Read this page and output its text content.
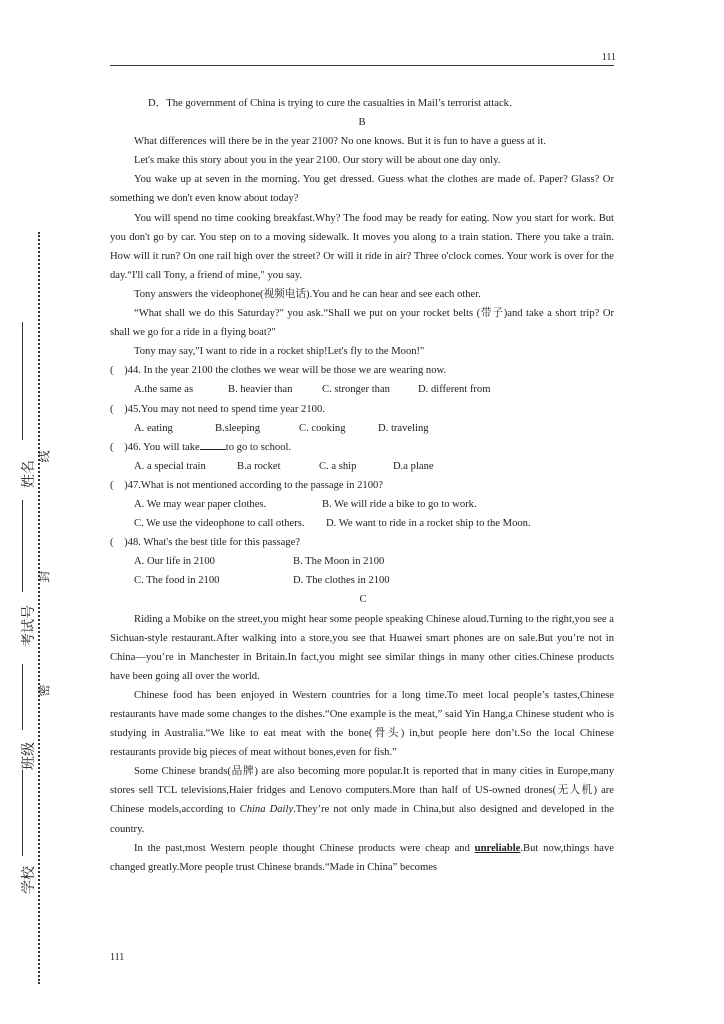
111
111
姓名
线
考试号
封
密
班级
学校

D．The government of China is trying to cure the casualties in Mail’s terrorist attack．

B

What differences will there be in the year 2100? No one knows. But it is fun to have a guess at it.

Let's make this story about you in the year 2100. Our story will be about one day only.

You wake up at seven in the morning. You get dressed. Guess what the clothes are made of. Paper? Glass? Or something we don't even know about today?

You will spend no time cooking breakfast.Why? The food may be ready for eating. Now you start for work. But you don't go by car. You step on to a moving sidewalk. It moves you along to a train station. There you take a train. How will it run? On one rail high over the street? Or will it ride in air? Three o'clock comes. Your work is over for the day.“I'll call Tony, a friend of mine," you say.

Tony answers the videophone(视频电话).You and he can hear and see each other.

“What shall we do this Saturday?" you ask.“Shall we put on your rocket belts (带子)and take a short trip? Or shall we go for a ride in a flying boat?"

Tony may say,"I want to ride in a rocket ship!Let's fly to the Moon!"

(　)44. In the year 2100 the clothes we wear will be those we are wearing now.

A.the same as	B. heavier than	C. stronger than	D. different from

(　)45.You may not need to spend time year 2100.

A. eating	B.sleeping	C. cooking	D. traveling

(　)46. You will take to go to school.

A. a special train	B.a rocket	C. a ship	D.a plane

(　)47.What is not mentioned according to the passage in 2100?

A. We may wear paper clothes.	B. We will ride a bike to go to work.
C. We use the videophone to call others. D. We want to ride in a rocket ship to the Moon.

(　)48. What's the best title for this passage?

A. Our life in 2100	B. The Moon in 2100
C. The food in 2100	D. The clothes in 2100

C

Riding a Mobike on the street,you might hear some people speaking Chinese aloud.Turning to the right,you see a Sichuan-style restaurant.After walking into a store,you see that Huawei smart phones are on sale.But you’re not in China—you’re in Manchester in Britain.In fact,you might see similar things in many other cities.Chinese products have been going all over the world.

Chinese food has been enjoyed in Western countries for a long time.To meet local people’s tastes,Chinese restaurants have made some changes to the dishes.“One example is the meat,” said Yin Hang,a Chinese student who is studying in Australia.“We like to eat meat with the bone(骨头) in,but people here don’t.So the local Chinese restaurants provide big pieces of meat without bones,even for fish.”

Some Chinese brands(品牌) are also becoming more popular.It is reported that in many cities in Europe,many stores sell TCL televisions,Haier fridges and Lenovo computers.More than half of US-owned drones(无人机) are Chinese models,according to China Daily.They’re not only made in China,but also designed and developed in the country.

In the past,most Western people thought Chinese products were cheap and unreliable.But now,things have changed greatly.More people trust Chinese brands.“Made in China” becomes
